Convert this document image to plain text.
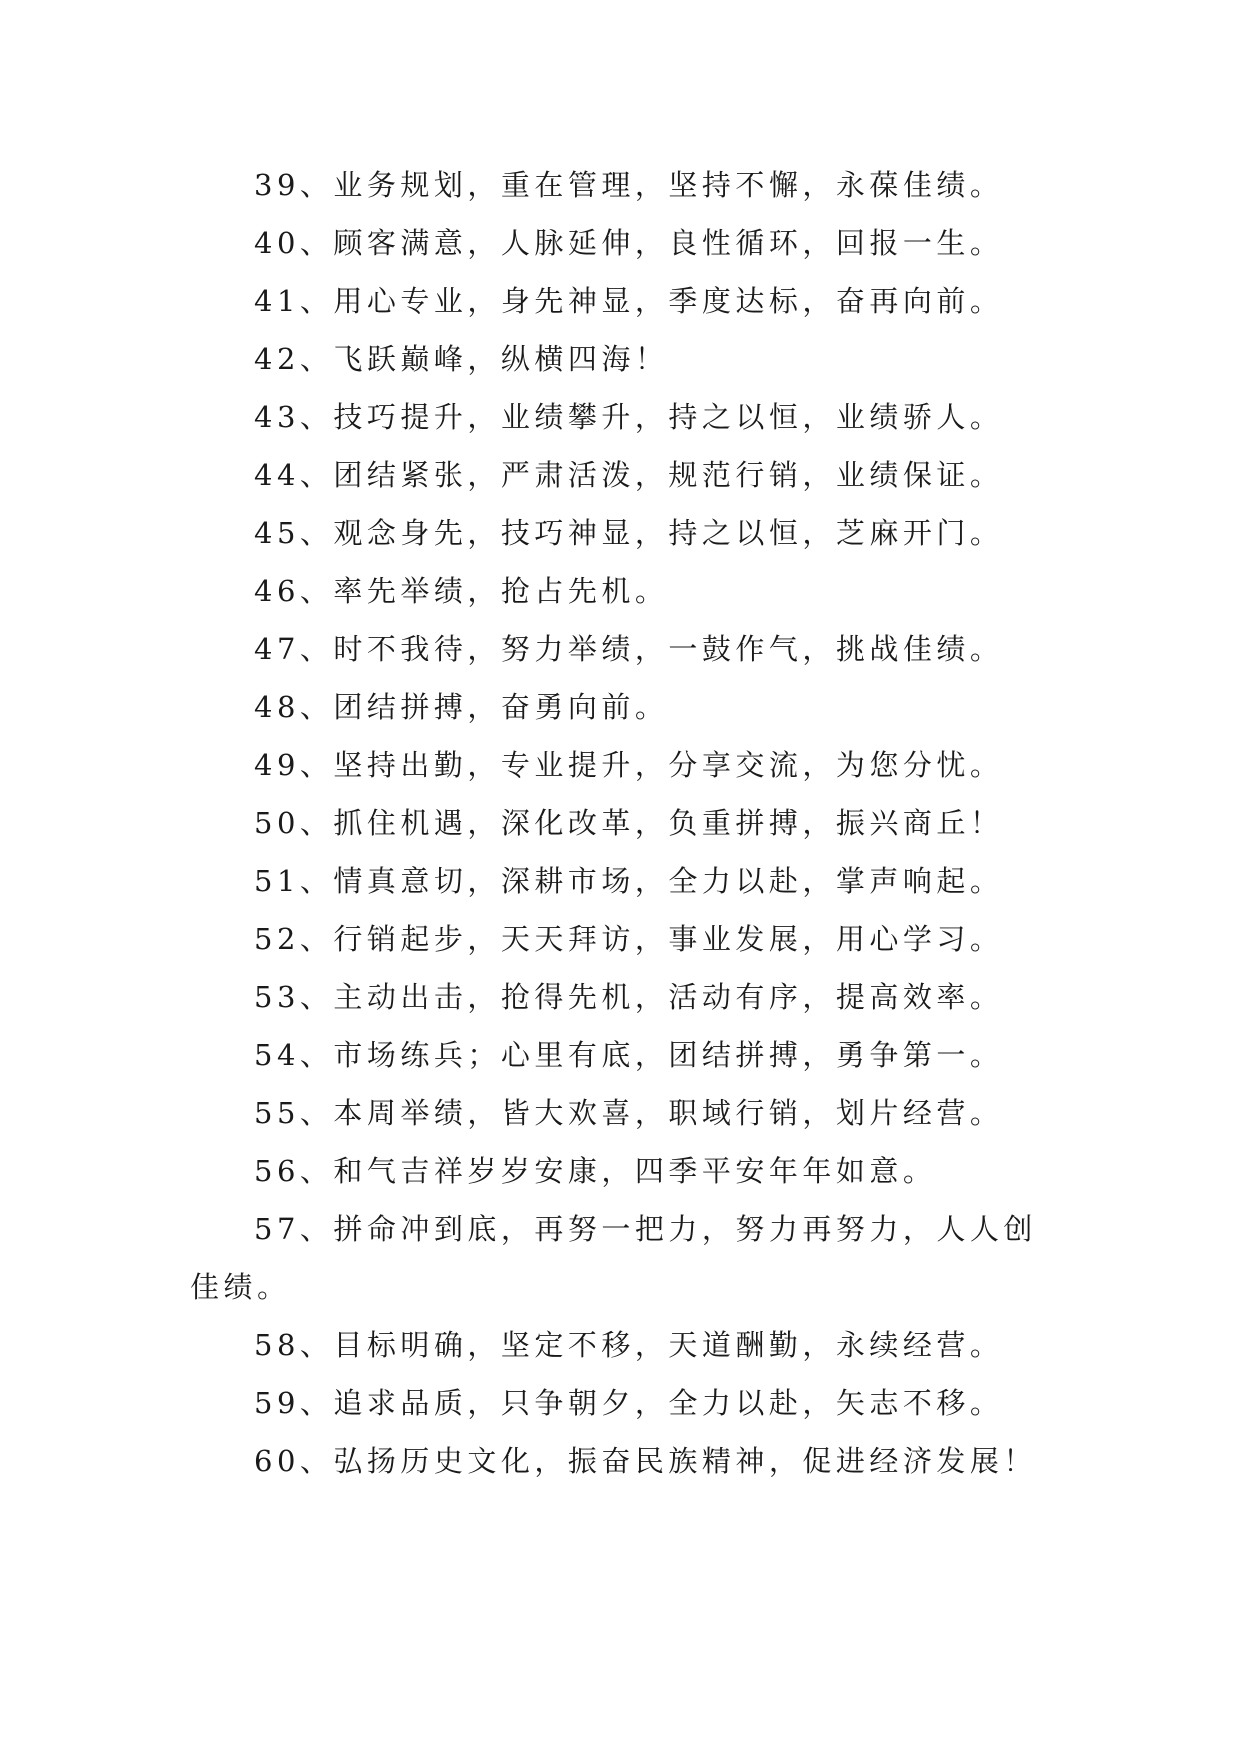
39、业务规划，重在管理，坚持不懈，永葆佳绩。

40、顾客满意，人脉延伸，良性循环，回报一生。

41、用心专业，身先神显，季度达标，奋再向前。

42、飞跃巅峰，纵横四海！

43、技巧提升，业绩攀升，持之以恒，业绩骄人。

44、团结紧张，严肃活泼，规范行销，业绩保证。

45、观念身先，技巧神显，持之以恒，芝麻开门。

46、率先举绩，抢占先机。

47、时不我待，努力举绩，一鼓作气，挑战佳绩。

48、团结拼搏，奋勇向前。

49、坚持出勤，专业提升，分享交流，为您分忧。

50、抓住机遇，深化改革，负重拼搏，振兴商丘！

51、情真意切，深耕市场，全力以赴，掌声响起。

52、行销起步，天天拜访，事业发展，用心学习。

53、主动出击，抢得先机，活动有序，提高效率。

54、市场练兵；心里有底，团结拼搏，勇争第一。

55、本周举绩，皆大欢喜，职域行销，划片经营。

56、和气吉祥岁岁安康，四季平安年年如意。

57、拼命冲到底，再努一把力，努力再努力，人人创佳绩。

58、目标明确，坚定不移，天道酬勤，永续经营。

59、追求品质，只争朝夕，全力以赴，矢志不移。

60、弘扬历史文化，振奋民族精神，促进经济发展！
